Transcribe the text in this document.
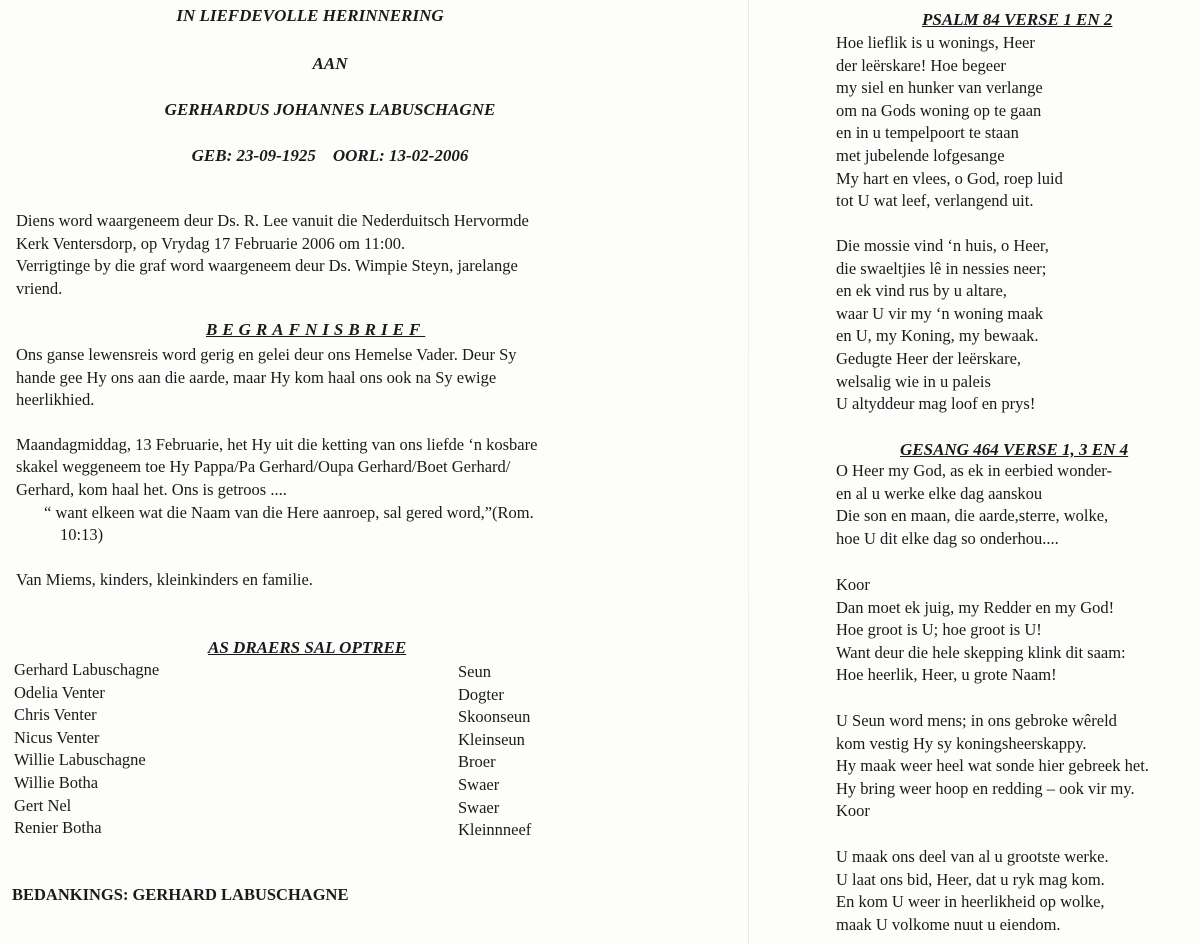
IN LIEFDEVOLLE HERINNERING
AAN
GERHARDUS JOHANNES LABUSCHAGNE
GEB: 23-09-1925    OORL: 13-02-2006

Diens word waargeneem deur Ds. R. Lee vanuit die Nederduitsch Hervormde

Kerk Ventersdorp, op Vrydag 17 Februarie 2006 om 11:00.

Verrigtinge by die graf word waargeneem deur Ds. Wimpie Steyn, jarelange

vriend.

BEGRAFNISBRIEF

Ons ganse lewensreis word gerig en gelei deur ons Hemelse Vader. Deur Sy

hande gee Hy ons aan die aarde, maar Hy kom haal ons ook na Sy ewige

heerlikhied.

Maandagmiddag, 13 Februarie, het Hy uit die ketting van ons liefde ‘n kosbare

skakel weggeneem toe Hy Pappa/Pa Gerhard/Oupa Gerhard/Boet Gerhard/

Gerhard, kom haal het. Ons is getroos ....

“ want elkeen wat die Naam van die Here aanroep, sal gered word,”(Rom.

10:13)

Van Miems, kinders, kleinkinders en familie.

AS DRAERS SAL OPTREE
Gerhard Labuschagne
Odelia Venter
Chris Venter
Nicus Venter
Willie Labuschagne
Willie Botha
Gert Nel
Renier Botha
Seun
Dogter
Skoonseun
Kleinseun
Broer
Swaer
Swaer
Kleinnneef
BEDANKINGS: GERHARD LABUSCHAGNE
PSALM 84 VERSE 1 EN 2
Hoe lieflik is u wonings, Heer
der leërskare! Hoe begeer
my siel en hunker van verlange
om na Gods woning op te gaan
en in u tempelpoort te staan
met jubelende lofgesange
My hart en vlees, o God, roep luid
tot U wat leef, verlangend uit.
Die mossie vind ‘n huis, o Heer,
die swaeltjies lê in nessies neer;
en ek vind rus by u altare,
waar U vir my ‘n woning maak
en U, my Koning, my bewaak.
Gedugte Heer der leërskare,
welsalig wie in u paleis
U altyddeur mag loof en prys!
GESANG 464 VERSE 1, 3 EN 4
O Heer my God, as ek in eerbied wonder-
en al u werke elke dag aanskou
Die son en maan, die aarde,sterre, wolke,
hoe U dit elke dag so onderhou....
Koor
Dan moet ek juig, my Redder en my God!
Hoe groot is U; hoe groot is U!
Want deur die hele skepping klink dit saam:
Hoe heerlik, Heer, u grote Naam!
U Seun word mens; in ons gebroke wêreld
kom vestig Hy sy koningsheerskappy.
Hy maak weer heel wat sonde hier gebreek het.
Hy bring weer hoop en redding – ook vir my.
Koor
U maak ons deel van al u grootste werke.
U laat ons bid, Heer, dat u ryk mag kom.
En kom U weer in heerlikheid op wolke,
maak U volkome nuut u eiendom.
